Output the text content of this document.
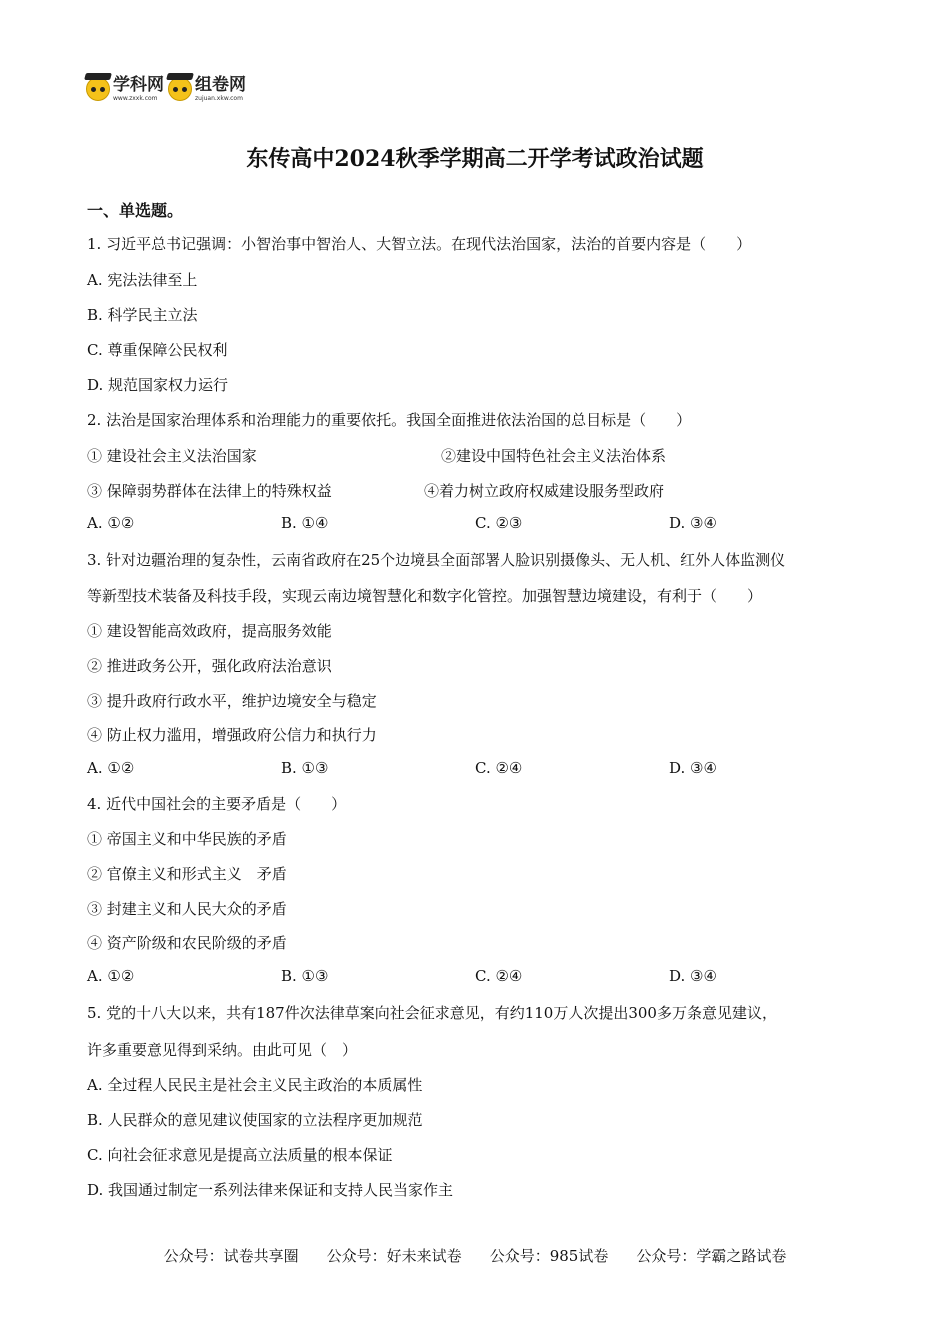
学科网
www.zxxk.com
组卷网
zujuan.xkw.com
东传高中2024秋季学期高二开学考试政治试题
一、单选题。
1. 习近平总书记强调：小智治事中智治人、大智立法。在现代法治国家，法治的首要内容是（　　）
A. 宪法法律至上
B. 科学民主立法
C. 尊重保障公民权利
D. 规范国家权力运行
2. 法治是国家治理体系和治理能力的重要依托。我国全面推进依法治国的总目标是（　　）
① 建设社会主义法治国家	②建设中国特色社会主义法治体系
③ 保障弱势群体在法律上的特殊权益	④着力树立政府权威建设服务型政府
A. ①②	B. ①④	C. ②③	D. ③④
3. 针对边疆治理的复杂性，云南省政府在25个边境县全面部署人脸识别摄像头、无人机、红外人体监测仪
等新型技术装备及科技手段，实现云南边境智慧化和数字化管控。加强智慧边境建设，有利于（　　）
① 建设智能高效政府，提高服务效能
② 推进政务公开，强化政府法治意识
③ 提升政府行政水平，维护边境安全与稳定
④ 防止权力滥用，增强政府公信力和执行力
A. ①②	B. ①③	C. ②④	D. ③④
4. 近代中国社会的主要矛盾是（　　）
① 帝国主义和中华民族的矛盾
② 官僚主义和形式主义　矛盾
③ 封建主义和人民大众的矛盾
④ 资产阶级和农民阶级的矛盾
A. ①②	B. ①③	C. ②④	D. ③④
5. 党的十八大以来，共有187件次法律草案向社会征求意见，有约110万人次提出300多万条意见建议，
许多重要意见得到采纳。由此可见（　）
A. 全过程人民民主是社会主义民主政治的本质属性
B. 人民群众的意见建议使国家的立法程序更加规范
C. 向社会征求意见是提高立法质量的根本保证
D. 我国通过制定一系列法律来保证和支持人民当家作主
公众号：试卷共享圈 公众号：好未来试卷 公众号：985试卷 公众号：学霸之路试卷
